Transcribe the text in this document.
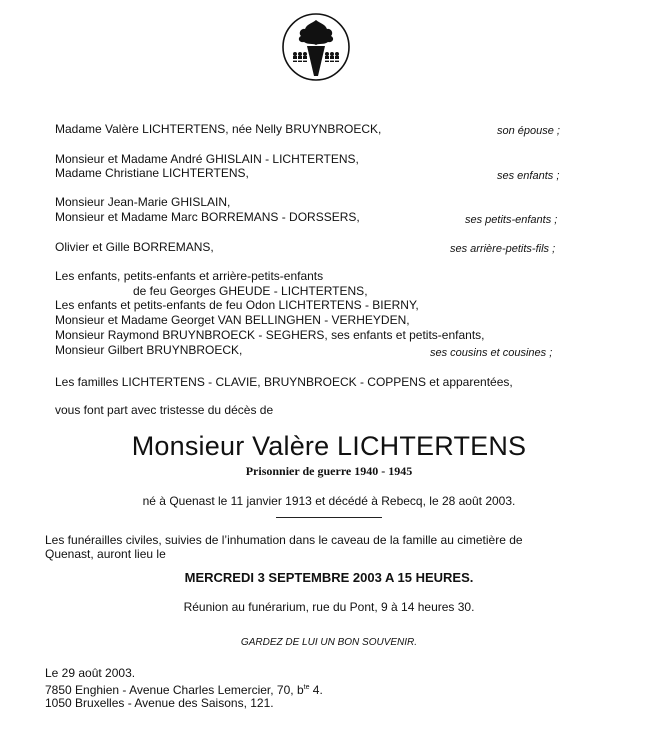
Madame Valère LICHTERTENS, née Nelly BRUYNBROECK,	son épouse ;
Monsieur et Madame André GHISLAIN - LICHTERTENS,
Madame Christiane LICHTERTENS,	ses enfants ;
Monsieur Jean-Marie GHISLAIN,
Monsieur et Madame Marc BORREMANS - DORSSERS,	ses petits-enfants ;
Olivier et Gille BORREMANS,	ses arrière-petits-fils ;
Les enfants, petits-enfants et arrière-petits-enfants
de feu Georges GHEUDE - LICHTERTENS,
Les enfants et petits-enfants de feu Odon LICHTERTENS - BIERNY,
Monsieur et Madame Georget VAN BELLINGHEN - VERHEYDEN,
Monsieur Raymond BRUYNBROECK - SEGHERS, ses enfants et petits-enfants,
Monsieur Gilbert BRUYNBROECK,	ses cousins et cousines ;
Les familles LICHTERTENS - CLAVIE, BRUYNBROECK - COPPENS et apparentées,
vous font part avec tristesse du décès de
Monsieur Valère LICHTERTENS
Prisonnier de guerre 1940 - 1945
né à Quenast le 11 janvier 1913 et décédé à Rebecq, le 28 août 2003.
Les funérailles civiles, suivies de l’inhumation dans le caveau de la famille au cimetière de
Quenast, auront lieu le
MERCREDI 3 SEPTEMBRE 2003 A 15 HEURES.
Réunion au funérarium, rue du Pont, 9 à 14 heures 30.
GARDEZ DE LUI UN BON SOUVENIR.
Le 29 août 2003.
7850 Enghien - Avenue Charles Lemercier, 70, $b^{te}$ 4.
1050 Bruxelles - Avenue des Saisons, 121.
